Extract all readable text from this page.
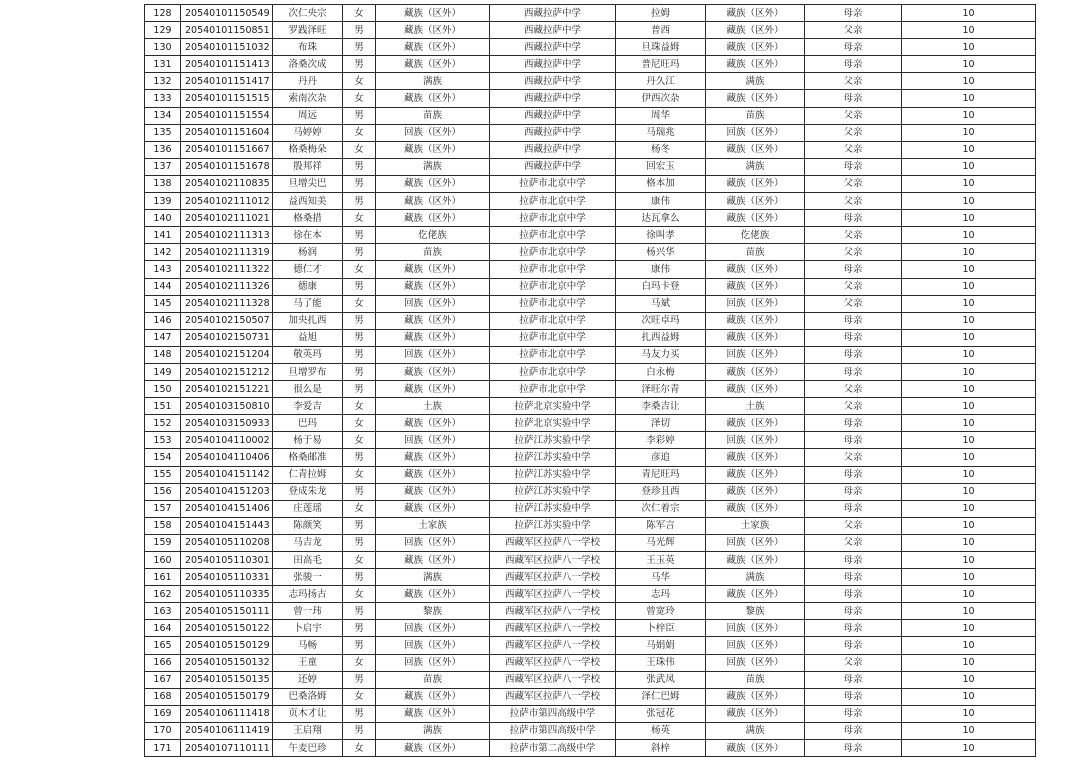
128	20540101150549	次仁央宗	女	藏族（区外）	西藏拉萨中学	拉姆	藏族（区外）	母亲	10
129	20540101150851	罗践泽旺	男	藏族（区外）	西藏拉萨中学	普西	藏族（区外）	父亲	10
130	20540101151032	布珠	男	藏族（区外）	西藏拉萨中学	旦珠益姆	藏族（区外）	母亲	10
131	20540101151413	洛桑次成	男	藏族（区外）	西藏拉萨中学	普尼旺玛	藏族（区外）	母亲	10
132	20540101151417	丹丹	女	满族	西藏拉萨中学	丹久江	满族	父亲	10
133	20540101151515	索南次杂	女	藏族（区外）	西藏拉萨中学	伊西次杂	藏族（区外）	母亲	10
134	20540101151554	周远	男	苗族	西藏拉萨中学	周华	苗族	父亲	10
135	20540101151604	马婷婷	女	回族（区外）	西藏拉萨中学	马瑞兆	回族（区外）	父亲	10
136	20540101151667	格桑梅朵	女	藏族（区外）	西藏拉萨中学	杨冬	藏族（区外）	父亲	10
137	20540101151678	殷邦祥	男	满族	西藏拉萨中学	回宏玉	满族	母亲	10
138	20540102110835	旦增尖巴	男	藏族（区外）	拉萨市北京中学	格本加	藏族（区外）	父亲	10
139	20540102111012	益西知美	男	藏族（区外）	拉萨市北京中学	康伟	藏族（区外）	父亲	10
140	20540102111021	格桑措	女	藏族（区外）	拉萨市北京中学	达瓦拿么	藏族（区外）	母亲	10
141	20540102111313	徐在本	男	仡佬族	拉萨市北京中学	徐叫孝	仡佬族	父亲	10
142	20540102111319	杨润	男	苗族	拉萨市北京中学	杨兴华	苗族	父亲	10
143	20540102111322	德仁才	女	藏族（区外）	拉萨市北京中学	康伟	藏族（区外）	母亲	10
144	20540102111326	德康	男	藏族（区外）	拉萨市北京中学	白玛卡登	藏族（区外）	父亲	10
145	20540102111328	马了能	女	回族（区外）	拉萨市北京中学	马斌	回族（区外）	父亲	10
146	20540102150507	加央扎西	男	藏族（区外）	拉萨市北京中学	次旺卓玛	藏族（区外）	母亲	10
147	20540102150731	益旭	男	藏族（区外）	拉萨市北京中学	扎西益姆	藏族（区外）	母亲	10
148	20540102151204	敬英玛	男	回族（区外）	拉萨市北京中学	马友力买	回族（区外）	母亲	10
149	20540102151212	旦增罗布	男	藏族（区外）	拉萨市北京中学	白永梅	藏族（区外）	母亲	10
150	20540102151221	很么是	男	藏族（区外）	拉萨市北京中学	泽旺尔青	藏族（区外）	父亲	10
151	20540103150810	李爱吉	女	土族	拉萨北京实验中学	李桑吉让	土族	父亲	10
152	20540103150933	巴玛	女	藏族（区外）	拉萨北京实验中学	泽切	藏族（区外）	母亲	10
153	20540104110002	杨于易	女	回族（区外）	拉萨江苏实验中学	李彩婷	回族（区外）	母亲	10
154	20540104110406	格桑邮准	男	藏族（区外）	拉萨江苏实验中学	彦追	藏族（区外）	父亲	10
155	20540104151142	仁青拉姆	女	藏族（区外）	拉萨江苏实验中学	青尼旺玛	藏族（区外）	母亲	10
156	20540104151203	登成朱龙	男	藏族（区外）	拉萨江苏实验中学	登珍且西	藏族（区外）	母亲	10
157	20540104151406	庄莲瑶	女	藏族（区外）	拉萨江苏实验中学	次仁着宗	藏族（区外）	母亲	10
158	20540104151443	陈颜笑	男	土家族	拉萨江苏实验中学	陈军言	土家族	父亲	10
159	20540105110208	马吉龙	男	回族（区外）	西藏军区拉萨八一学校	马光辉	回族（区外）	父亲	10
160	20540105110301	田高毛	女	藏族（区外）	西藏军区拉萨八一学校	王玉英	藏族（区外）	母亲	10
161	20540105110331	张骏一	男	满族	西藏军区拉萨八一学校	马华	满族	母亲	10
162	20540105110335	志玛扬古	女	藏族（区外）	西藏军区拉萨八一学校	志玛	藏族（区外）	母亲	10
163	20540105150111	曾一玮	男	黎族	西藏军区拉萨八一学校	曾宽玲	黎族	母亲	10
164	20540105150122	卜启宇	男	回族（区外）	西藏军区拉萨八一学校	卜梓臣	回族（区外）	母亲	10
165	20540105150129	马畅	男	回族（区外）	西藏军区拉萨八一学校	马娟娟	回族（区外）	母亲	10
166	20540105150132	王童	女	回族（区外）	西藏军区拉萨八一学校	王珠伟	回族（区外）	父亲	10
167	20540105150135	还婷	男	苗族	西藏军区拉萨八一学校	张武凤	苗族	母亲	10
168	20540105150179	巴桑洛姆	女	藏族（区外）	西藏军区拉萨八一学校	泽仁巴姆	藏族（区外）	母亲	10
169	20540106111418	页木才让	男	藏族（区外）	拉萨市第四高级中学	张冠花	藏族（区外）	母亲	10
170	20540106111419	王启翔	男	满族	拉萨市第四高级中学	杨英	满族	母亲	10
171	20540107110111	午麦巴珍	女	藏族（区外）	拉萨市第二高级中学	斜梓	藏族（区外）	母亲	10
